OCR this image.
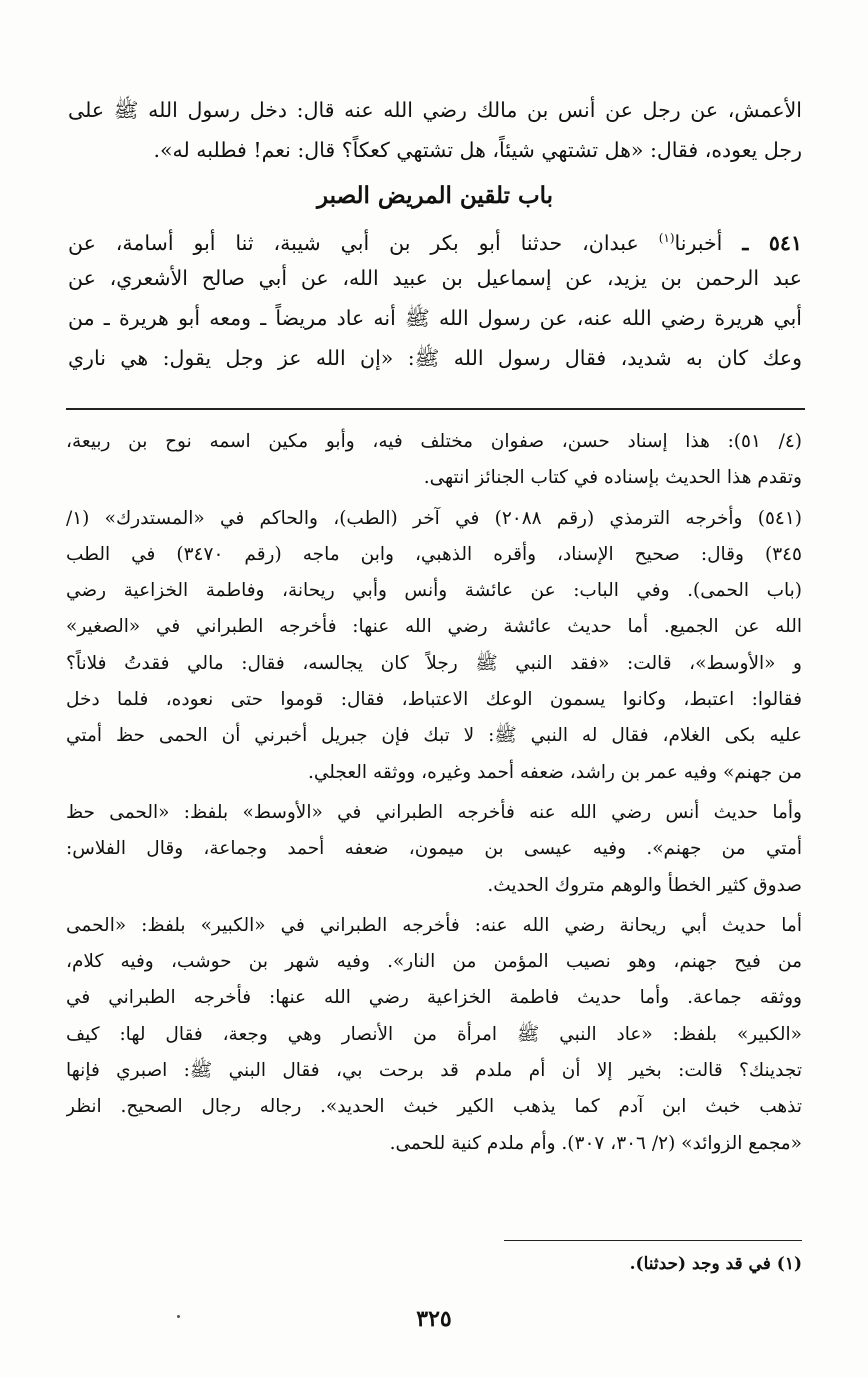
الأعمش، عن رجل عن أنس بن مالك رضي الله عنه قال: دخل رسول الله ﷺ على

رجل يعوده، فقال: «هل تشتهي شيئاً، هل تشتهي كعكاً؟ قال: نعم! فطلبه له».

باب تلقين المريض الصبر

٥٤١ ـ أخبرنا$^{(١)}$ عبدان، حدثنا أبو بكر بن أبي شيبة، ثنا أبو أسامة، عن

عبد الرحمن بن يزيد، عن إسماعيل بن عبيد الله، عن أبي صالح الأشعري، عن

أبي هريرة رضي الله عنه، عن رسول الله ﷺ أنه عاد مريضاً ـ ومعه أبو هريرة ـ من

وعك كان به شديد، فقال رسول الله ﷺ: «إن الله عز وجل يقول: هي ناري

(٤/ ٥١): هذا إسناد حسن، صفوان مختلف فيه، وأبو مكين اسمه نوح بن ربيعة،

وتقدم هذا الحديث بإسناده في كتاب الجنائز انتهى.

(٥٤١) وأخرجه الترمذي (رقم ٢٠٨٨) في آخر (الطب)، والحاكم في «المستدرك» (١/

٣٤٥) وقال: صحيح الإسناد، وأقره الذهبي، وابن ماجه (رقم ٣٤٧٠) في الطب

(باب الحمى). وفي الباب: عن عائشة وأنس وأبي ريحانة، وفاطمة الخزاعية رضي

الله عن الجميع. أما حديث عائشة رضي الله عنها: فأخرجه الطبراني في «الصغير»

و «الأوسط»، قالت: «فقد النبي ﷺ رجلاً كان يجالسه، فقال: مالي فقدتُ فلاناً؟

فقالوا: اعتبط، وكانوا يسمون الوعك الاعتباط، فقال: قوموا حتى نعوده، فلما دخل

عليه بكى الغلام، فقال له النبي ﷺ: لا تبك فإن جبريل أخبرني أن الحمى حظ أمتي

من جهنم» وفيه عمر بن راشد، ضعفه أحمد وغيره، ووثقه العجلي.

وأما حديث أنس رضي الله عنه فأخرجه الطبراني في «الأوسط» بلفظ: «الحمى حظ

أمتي من جهنم». وفيه عيسى بن ميمون، ضعفه أحمد وجماعة، وقال الفلاس:

صدوق كثير الخطأ والوهم متروك الحديث.

أما حديث أبي ريحانة رضي الله عنه: فأخرجه الطبراني في «الكبير» بلفظ: «الحمى

من فيح جهنم، وهو نصيب المؤمن من النار». وفيه شهر بن حوشب، وفيه كلام،

ووثقه جماعة. وأما حديث فاطمة الخزاعية رضي الله عنها: فأخرجه الطبراني في

«الكبير» بلفظ: «عاد النبي ﷺ امرأة من الأنصار وهي وجعة، فقال لها: كيف

تجدينك؟ قالت: بخير إلا أن أم ملدم قد برحت بي، فقال البني ﷺ: اصبري فإنها

تذهب خبث ابن آدم كما يذهب الكير خبث الحديد». رجاله رجال الصحيح. انظر

«مجمع الزوائد» (٢/ ٣٠٦، ٣٠٧). وأم ملدم كنية للحمى.

(١) في قد وجد (حدثنا).

٣٢٥
